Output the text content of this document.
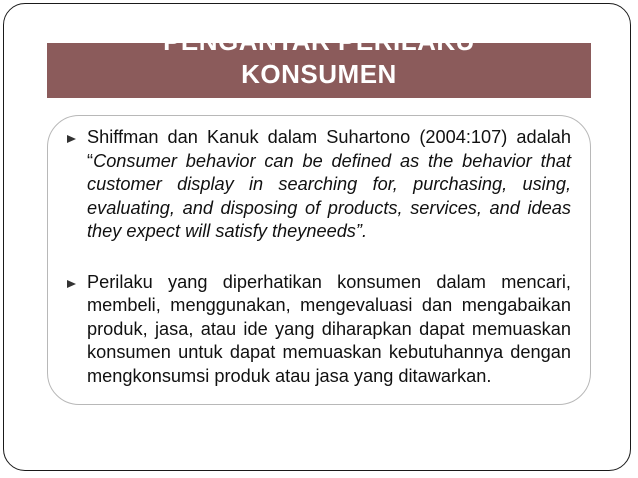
PENGANTAR PERILAKU
KONSUMEN
Shiffman dan Kanuk dalam Suhartono (2004:107) adalah “Consumer behavior can be defined as the behavior that customer display in searching for, purchasing, using, evaluating, and disposing of products, services, and ideas they expect will satisfy theyneeds”.
Perilaku yang diperhatikan konsumen dalam mencari, membeli, menggunakan, mengevaluasi dan mengabaikan produk, jasa, atau ide yang diharapkan dapat memuaskan konsumen untuk dapat memuaskan kebutuhannya dengan mengkonsumsi produk atau jasa yang ditawarkan.
